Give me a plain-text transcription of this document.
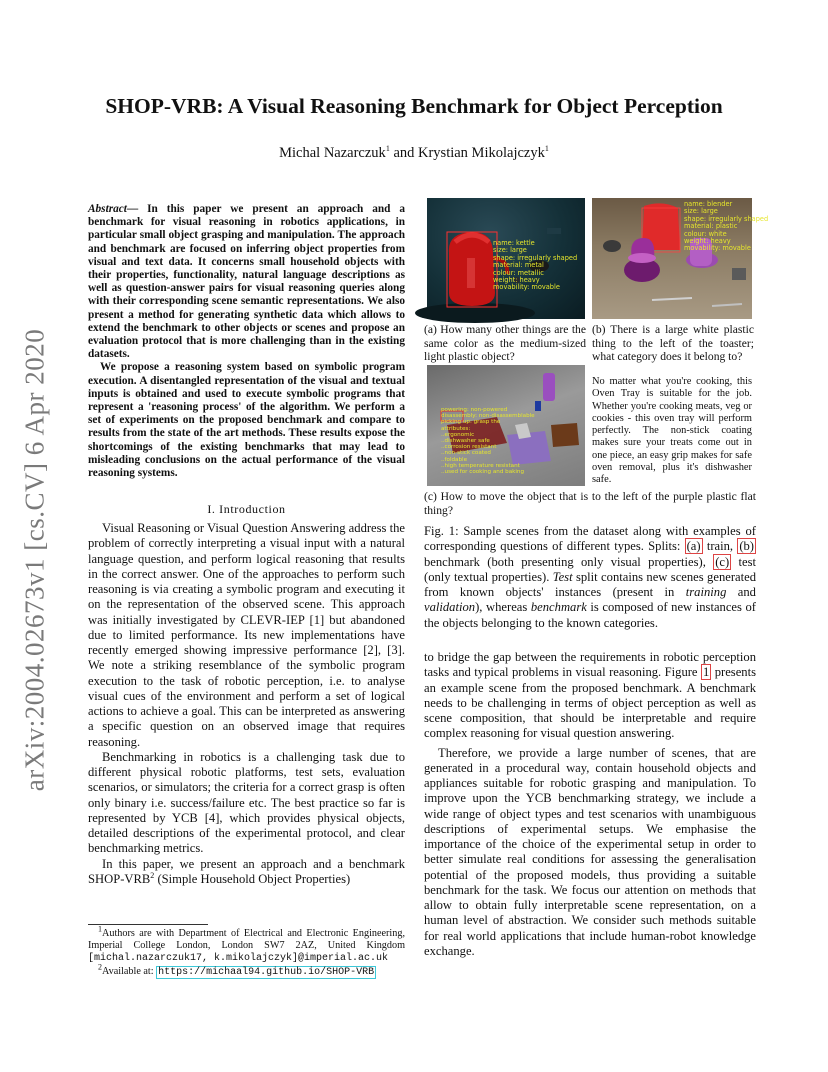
arXiv:2004.02673v1 [cs.CV] 6 Apr 2020
SHOP-VRB: A Visual Reasoning Benchmark for Object Perception
Michal Nazarczuk$^1$ and Krystian Mikolajczyk$^1$

Abstract— In this paper we present an approach and a benchmark for visual reasoning in robotics applications, in particular small object grasping and manipulation. The approach and benchmark are focused on inferring object properties from visual and text data. It concerns small household objects with their properties, functionality, natural language descriptions as well as question-answer pairs for visual reasoning queries along with their corresponding scene semantic representations. We also present a method for generating synthetic data which allows to extend the benchmark to other objects or scenes and propose an evaluation protocol that is more challenging than in the existing datasets.

We propose a reasoning system based on symbolic program execution. A disentangled representation of the visual and textual inputs is obtained and used to execute symbolic programs that represent a 'reasoning process' of the algorithm. We perform a set of experiments on the proposed benchmark and compare to results from the state of the art methods. These results expose the shortcomings of the existing benchmarks that may lead to misleading conclusions on the actual performance of the visual reasoning systems.

I. Introduction

Visual Reasoning or Visual Question Answering address the problem of correctly interpreting a visual input with a natural language question, and perform logical reasoning that results in the correct answer. One of the approaches to perform such reasoning is via creating a symbolic program and executing it on the representation of the observed scene. This approach was initially investigated by CLEVR-IEP [1] but abandoned due to limited performance. Its new implementations have recently emerged showing impressive performance [2], [3]. We note a striking resemblance of the symbolic program execution to the task of robotic perception, i.e. to analyse visual cues of the environment and perform a set of logical actions to achieve a goal. This can be interpreted as answering a specific question on an observed image that requires reasoning.

Benchmarking in robotics is a challenging task due to different physical robotic platforms, test sets, evaluation scenarios, or simulators; the criteria for a correct grasp is often only binary i.e. success/failure etc. The best practice so far is represented by YCB [4], which provides physical objects, detailed descriptions of the experimental protocol, and clear benchmarking metrics.

In this paper, we present an approach and a benchmark SHOP-VRB$^2$ (Simple Household Object Properties)

$^1$Authors are with Department of Electrical and Electronic Engineering, Imperial College London, London SW7 2AZ, United Kingdom [michal.nazarczuk17, k.mikolajczyk]@imperial.ac.uk

$^2$Available at: https://michaal94.github.io/SHOP-VRB

name: kettle
size: large
shape: irregularly shaped
material: metal
colour: metallic
weight: heavy
movability: movable
name: blender
size: large
shape: irregularly shaped
material: plastic
colour: white
weight: heavy
movability: movable
(a) How many other things are the same color as the medium-sized light plastic object?
(b) There is a large white plastic thing to the left of the toaster; what category does it belong to?
powering: non-powered
disassembly: non-disassemblable
picking up: grasp the
attributes:
..ergonomic
..dishwasher safe
..corrosion resistant
..non-stick coated
..foldable
..high temperature resistant
..used for cooking and baking
No matter what you're cooking, this Oven Tray is suitable for the job. Whether you're cooking meats, veg or cookies - this oven tray will perform perfectly. The non-stick coating makes sure your treats come out in one piece, an easy grip makes for safe oven removal, plus it's dishwasher safe.
(c) How to move the object that is to the left of the purple plastic flat thing?
Fig. 1: Sample scenes from the dataset along with examples of corresponding questions of different types. Splits: (a) train, (b) benchmark (both presenting only visual properties), (c) test (only textual properties). Test split contains new scenes generated from known objects' instances (present in training and validation), whereas benchmark is composed of new instances of the objects belonging to the known categories.

to bridge the gap between the requirements in robotic perception tasks and typical problems in visual reasoning. Figure 1 presents an example scene from the proposed benchmark. A benchmark needs to be challenging in terms of object perception as well as scene composition, that should be interpretable and require complex reasoning for visual question answering.

Therefore, we provide a large number of scenes, that are generated in a procedural way, contain household objects and appliances suitable for robotic grasping and manipulation. To improve upon the YCB benchmarking strategy, we include a wide range of object types and test scenarios with unambiguous descriptions of experimental setups. We emphasise the importance of the choice of the experimental setup in order to better simulate real conditions for assessing the generalisation potential of the proposed models, thus providing a suitable benchmark for the task. We focus our attention on methods that allow to obtain fully interpretable scene representation, on a human level of abstraction. We consider such methods suitable for real world applications that include human-robot knowledge exchange.
